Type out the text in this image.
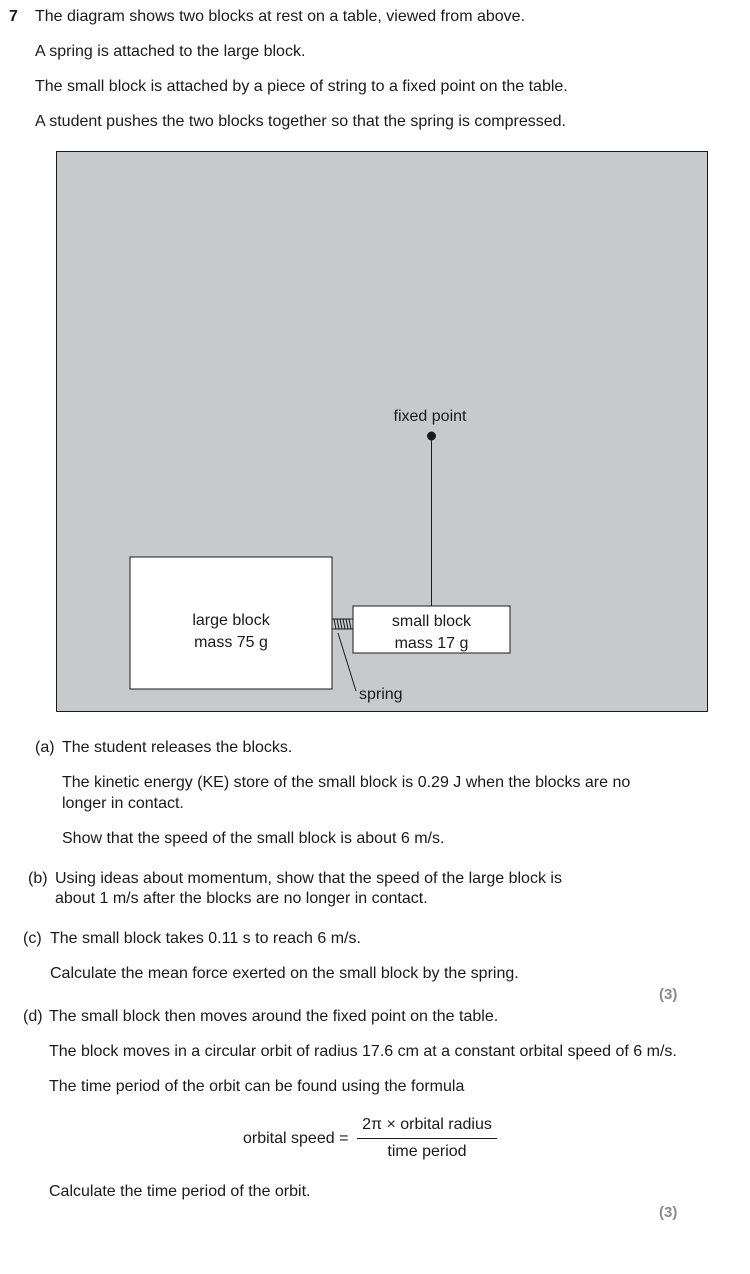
7 The diagram shows two blocks at rest on a table, viewed from above.
A spring is attached to the large block.
The small block is attached by a piece of string to a fixed point on the table.
A student pushes the two blocks together so that the spring is compressed.
large block
mass 75 g
small block
mass 17 g
spring
fixed point
(a) The student releases the blocks.
The kinetic energy (KE) store of the small block is 0.29 J when the blocks are no
longer in contact.
Show that the speed of the small block is about 6 m/s.
(b) Using ideas about momentum, show that the speed of the large block is
about 1 m/s after the blocks are no longer in contact.
(c) The small block takes 0.11 s to reach 6 m/s.
Calculate the mean force exerted on the small block by the spring.
(3)
(d) The small block then moves around the fixed point on the table.
The block moves in a circular orbit of radius 17.6 cm at a constant orbital speed of 6 m/s.
The time period of the orbit can be found using the formula
orbital speed =
2π × orbital radius
time period
Calculate the time period of the orbit.
(3)
